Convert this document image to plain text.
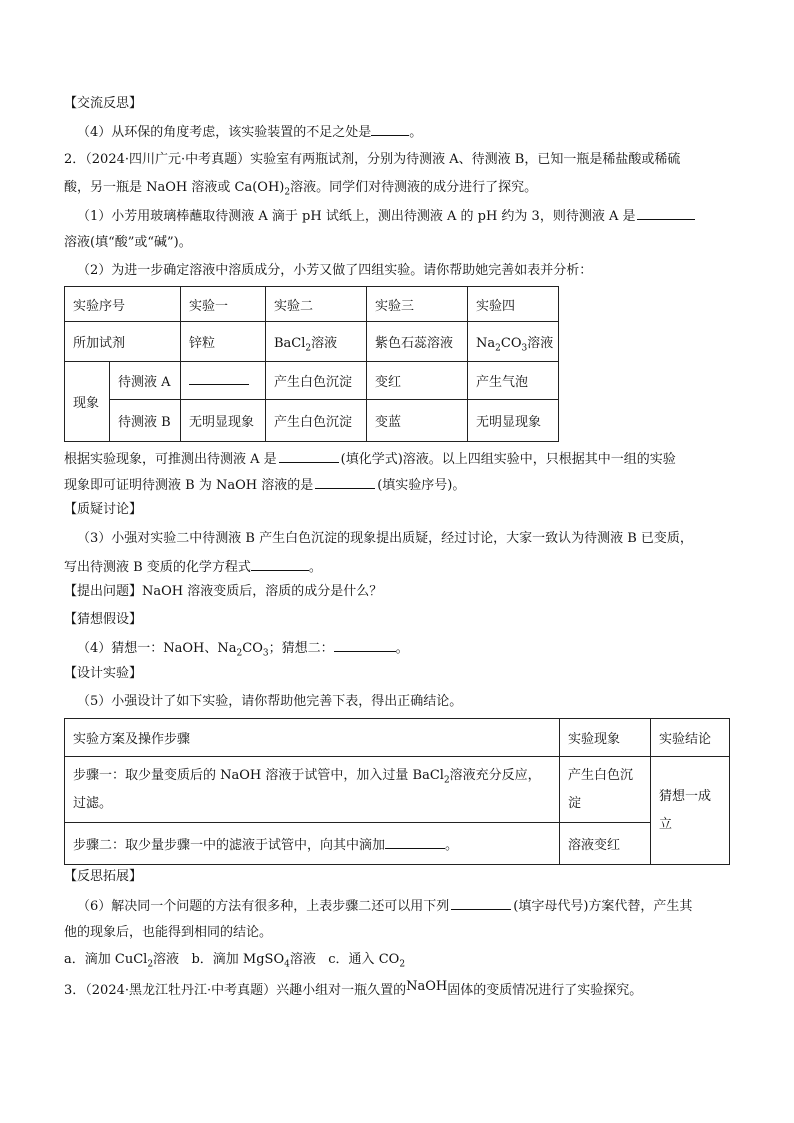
【交流反思】
（4）从环保的角度考虑，该实验装置的不足之处是	。
2．（2024·四川广元·中考真题）实验室有两瓶试剂，分别为待测液 A、待测液 B，已知一瓶是稀盐酸或稀硫
酸，另一瓶是 NaOH 溶液或 $Ca(OH)_2$溶液。同学们对待测液的成分进行了探究。
（1）小芳用玻璃棒蘸取待测液 A 滴于 pH 试纸上，测出待测液 A 的 pH 约为 3，则待测液 A 是
溶液(填“酸”或“碱”)。
（2）为进一步确定溶液中溶质成分，小芳又做了四组实验。请你帮助她完善如表并分析：
实验序号		实验一	实验二	实验三	实验四
所加试剂		锌粒	BaCl$_2$溶液	紫色石蕊溶液	$Na_2CO_3$溶液
现象	待测液 A		产生白色沉淀	变红	产生气泡
	待测液 B	无明显现象	产生白色沉淀	变蓝	无明显现象
根据实验现象，可推测出待测液 A 是	(填化学式)溶液。以上四组实验中，只根据其中一组的实验
现象即可证明待测液 B 为 NaOH 溶液的是	(填实验序号)。
【质疑讨论】
（3）小强对实验二中待测液 B 产生白色沉淀的现象提出质疑，经过讨论，大家一致认为待测液 B 已变质，
写出待测液 B 变质的化学方程式	。
【提出问题】NaOH 溶液变质后，溶质的成分是什么？
【猜想假设】
（4）猜想一：NaOH、$Na_2CO_3$；猜想二：	。
【设计实验】
（5）小强设计了如下实验，请你帮助他完善下表，得出正确结论。
实验方案及操作步骤	实验现象	实验结论
步骤一：取少量变质后的 NaOH 溶液于试管中，加入过量 BaCl$_2$溶液充分反应，
过滤。	产生白色沉
淀	猜想一成
立
步骤二：取少量步骤一中的滤液于试管中，向其中滴加 。	溶液变红	
【反思拓展】
（6）解决同一个问题的方法有很多种，上表步骤二还可以用下列	(填字母代号)方案代替，产生其
他的现象后，也能得到相同的结论。
a．滴加 CuCl$_2$溶液 b．滴加 MgSO$_4$溶液 c．通入 $CO_2$
3．（2024·黑龙江牡丹江·中考真题）兴趣小组对一瓶久置的NaOH固体的变质情况进行了实验探究。
